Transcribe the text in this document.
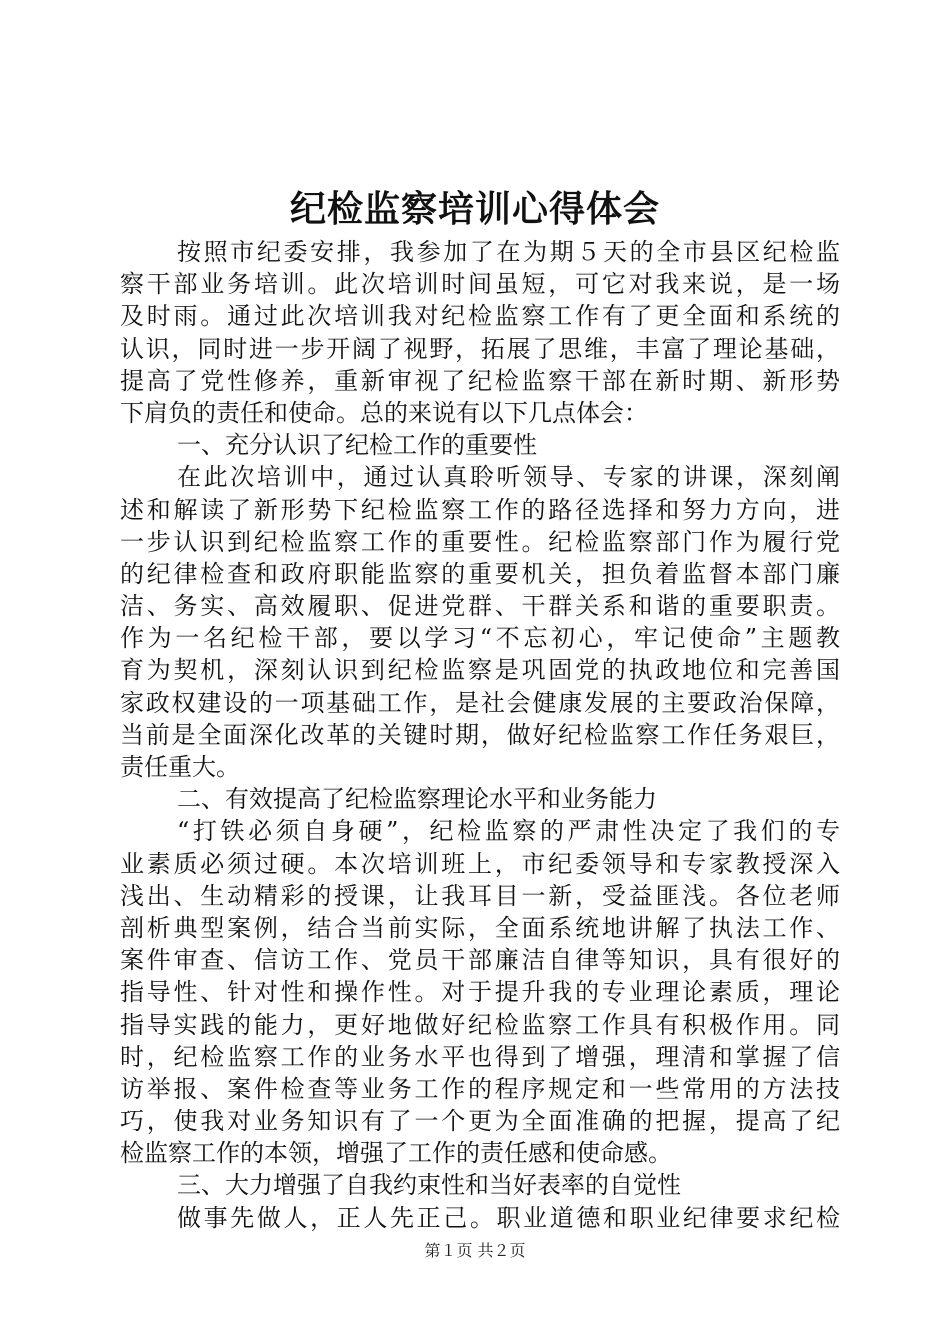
纪检监察培训心得体会
按照市纪委安排，我参加了在为期５天的全市县区纪检监
察干部业务培训。此次培训时间虽短，可它对我来说，是一场
及时雨。通过此次培训我对纪检监察工作有了更全面和系统的
认识，同时进一步开阔了视野，拓展了思维，丰富了理论基础，
提高了党性修养，重新审视了纪检监察干部在新时期、新形势
下肩负的责任和使命。总的来说有以下几点体会：
一、充分认识了纪检工作的重要性
在此次培训中，通过认真聆听领导、专家的讲课，深刻阐
述和解读了新形势下纪检监察工作的路径选择和努力方向，进
一步认识到纪检监察工作的重要性。纪检监察部门作为履行党
的纪律检查和政府职能监察的重要机关，担负着监督本部门廉
洁、务实、高效履职、促进党群、干群关系和谐的重要职责。
作为一名纪检干部，要以学习“不忘初心，牢记使命”主题教
育为契机，深刻认识到纪检监察是巩固党的执政地位和完善国
家政权建设的一项基础工作，是社会健康发展的主要政治保障，
当前是全面深化改革的关键时期，做好纪检监察工作任务艰巨，
责任重大。
二、有效提高了纪检监察理论水平和业务能力
“打铁必须自身硬”，纪检监察的严肃性决定了我们的专
业素质必须过硬。本次培训班上，市纪委领导和专家教授深入
浅出、生动精彩的授课，让我耳目一新，受益匪浅。各位老师
剖析典型案例，结合当前实际，全面系统地讲解了执法工作、
案件审查、信访工作、党员干部廉洁自律等知识，具有很好的
指导性、针对性和操作性。对于提升我的专业理论素质，理论
指导实践的能力，更好地做好纪检监察工作具有积极作用。同
时，纪检监察工作的业务水平也得到了增强，理清和掌握了信
访举报、案件检查等业务工作的程序规定和一些常用的方法技
巧，使我对业务知识有了一个更为全面准确的把握，提高了纪
检监察工作的本领，增强了工作的责任感和使命感。
三、大力增强了自我约束性和当好表率的自觉性
做事先做人，正人先正己。职业道德和职业纪律要求纪检
第１页 共２页
